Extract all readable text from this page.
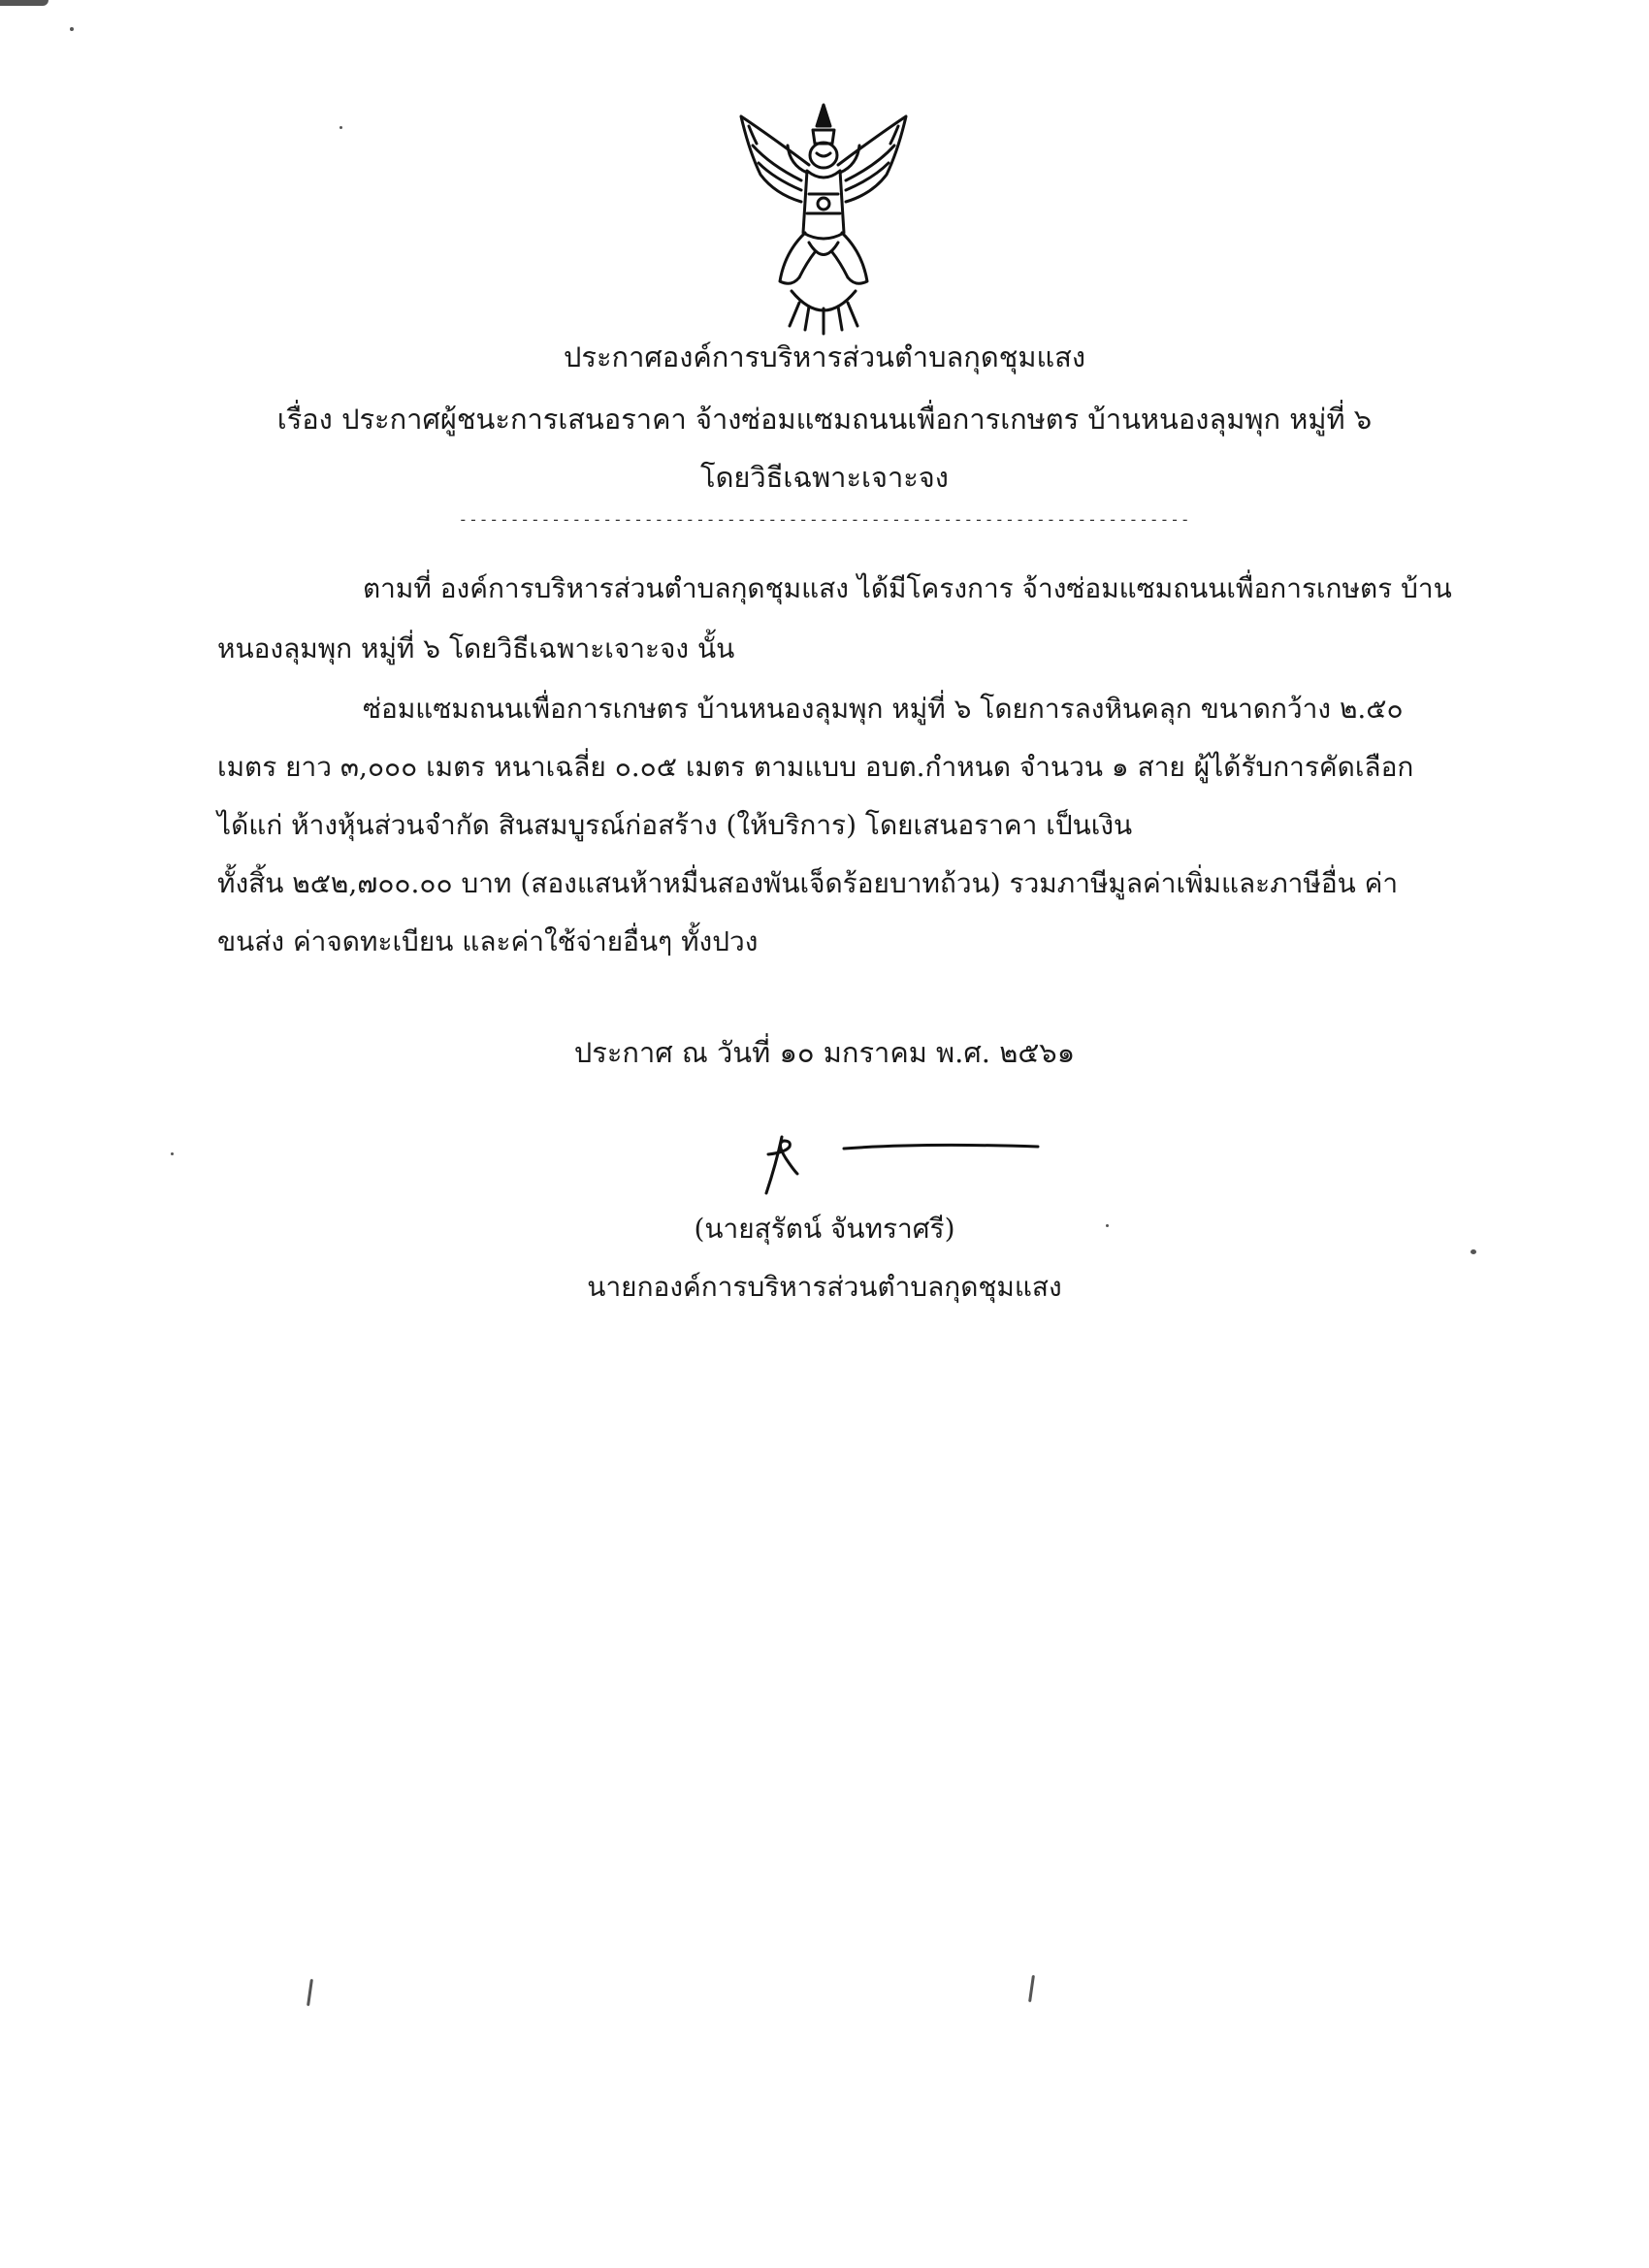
ประกาศองค์การบริหารส่วนตำบลกุดชุมแสง
เรื่อง ประกาศผู้ชนะการเสนอราคา จ้างซ่อมแซมถนนเพื่อการเกษตร บ้านหนองลุมพุก หมู่ที่ ๖
โดยวิธีเฉพาะเจาะจง
-----------------------------------------------------------------------
ตามที่ องค์การบริหารส่วนตำบลกุดชุมแสง ได้มีโครงการ จ้างซ่อมแซมถนนเพื่อการเกษตร บ้าน
หนองลุมพุก หมู่ที่ ๖ โดยวิธีเฉพาะเจาะจง นั้น
ซ่อมแซมถนนเพื่อการเกษตร บ้านหนองลุมพุก หมู่ที่ ๖ โดยการลงหินคลุก ขนาดกว้าง ๒.๕๐
เมตร ยาว ๓,๐๐๐ เมตร หนาเฉลี่ย ๐.๐๕ เมตร ตามแบบ อบต.กำหนด จำนวน ๑ สาย ผู้ได้รับการคัดเลือก
ได้แก่ ห้างหุ้นส่วนจำกัด สินสมบูรณ์ก่อสร้าง (ให้บริการ) โดยเสนอราคา เป็นเงิน
ทั้งสิ้น ๒๕๒,๗๐๐.๐๐ บาท (สองแสนห้าหมื่นสองพันเจ็ดร้อยบาทถ้วน) รวมภาษีมูลค่าเพิ่มและภาษีอื่น ค่า
ขนส่ง ค่าจดทะเบียน และค่าใช้จ่ายอื่นๆ ทั้งปวง
ประกาศ ณ วันที่ ๑๐ มกราคม พ.ศ. ๒๕๖๑
(นายสุรัตน์ จันทราศรี)
นายกองค์การบริหารส่วนตำบลกุดชุมแสง
